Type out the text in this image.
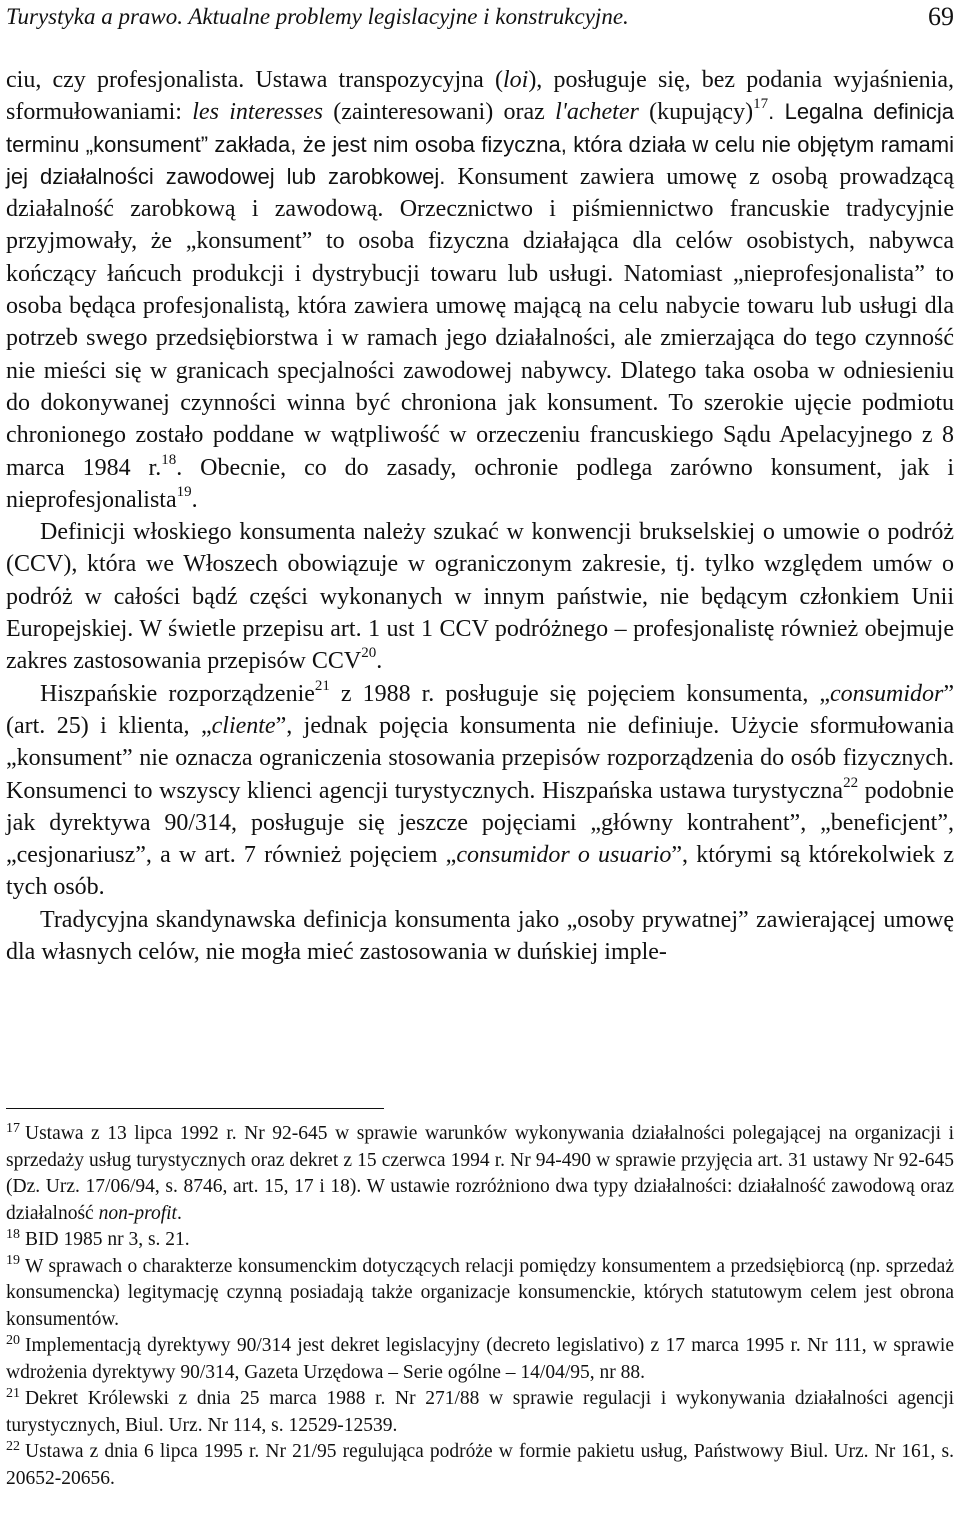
Turystyka a prawo. Aktualne problemy legislacyjne i konstrukcyjne.	69

ciu, czy profesjonalista. Ustawa transpozycyjna (loi), posługuje się, bez podania wyjaśnienia, sformułowaniami: les interesses (zainteresowani) oraz l'acheter (kupujący)$^{17}$. Legalna definicja terminu „konsument” zakłada, że jest nim osoba fizyczna, która działa w celu nie objętym ramami jej działalności zawodowej lub zarobkowej. Konsument zawiera umowę z osobą prowadzącą działalność zarobkową i zawodową. Orzecznictwo i piśmiennictwo francuskie tradycyjnie przyjmowały, że „konsument” to osoba fizyczna działająca dla celów osobistych, nabywca kończący łańcuch produkcji i dystrybucji towaru lub usługi. Natomiast „nieprofesjonalista” to osoba będąca profesjonalistą, która zawiera umowę mającą na celu nabycie towaru lub usługi dla potrzeb swego przedsiębiorstwa i w ramach jego działalności, ale zmierzająca do tego czynność nie mieści się w granicach specjalności zawodowej nabywcy. Dlatego taka osoba w odniesieniu do dokonywanej czynności winna być chroniona jak konsument. To szerokie ujęcie podmiotu chronionego zostało poddane w wątpliwość w orzeczeniu francuskiego Sądu Apelacyjnego z 8 marca 1984 r.$^{18}$. Obecnie, co do zasady, ochronie podlega zarówno konsument, jak i nieprofesjonalista$^{19}$.

Definicji włoskiego konsumenta należy szukać w konwencji brukselskiej o umowie o podróż (CCV), która we Włoszech obowiązuje w ograniczonym zakresie, tj. tylko względem umów o podróż w całości bądź części wykonanych w innym państwie, nie będącym członkiem Unii Europejskiej. W świetle przepisu art. 1 ust 1 CCV podróżnego – profesjonalistę również obejmuje zakres zastosowania przepisów CCV$^{20}$.

Hiszpańskie rozporządzenie$^{21}$ z 1988 r. posługuje się pojęciem konsumenta, „consumidor” (art. 25) i klienta, „cliente”, jednak pojęcia konsumenta nie definiuje. Użycie sformułowania „konsument” nie oznacza ograniczenia stosowania przepisów rozporządzenia do osób fizycznych. Konsumenci to wszyscy klienci agencji turystycznych. Hiszpańska ustawa turystyczna$^{22}$ podobnie jak dyrektywa 90/314, posługuje się jeszcze pojęciami „główny kontrahent”, „beneficjent”, „cesjonariusz”, a w art. 7 również pojęciem „consumidor o usuario”, którymi są którekolwiek z tych osób.

Tradycyjna skandynawska definicja konsumenta jako „osoby prywatnej” zawierającej umowę dla własnych celów, nie mogła mieć zastosowania w duńskiej imple-

$^{17}$ Ustawa z 13 lipca 1992 r. Nr 92-645 w sprawie warunków wykonywania działalności polegającej na organizacji i sprzedaży usług turystycznych oraz dekret z 15 czerwca 1994 r. Nr 94-490 w sprawie przyjęcia art. 31 ustawy Nr 92-645 (Dz. Urz. 17/06/94, s. 8746, art. 15, 17 i 18). W ustawie rozróżniono dwa typy działalności: działalność zawodową oraz działalność non-profit.

$^{18}$ BID 1985 nr 3, s. 21.

$^{19}$ W sprawach o charakterze konsumenckim dotyczących relacji pomiędzy konsumentem a przedsiębiorcą (np. sprzedaż konsumencka) legitymację czynną posiadają także organizacje konsumenckie, których statutowym celem jest obrona konsumentów.

$^{20}$ Implementacją dyrektywy 90/314 jest dekret legislacyjny (decreto legislativo) z 17 marca 1995 r. Nr 111, w sprawie wdrożenia dyrektywy 90/314, Gazeta Urzędowa – Serie ogólne – 14/04/95, nr 88.

$^{21}$ Dekret Królewski z dnia 25 marca 1988 r. Nr 271/88 w sprawie regulacji i wykonywania działalności agencji turystycznych, Biul. Urz. Nr 114, s. 12529-12539.

$^{22}$ Ustawa z dnia 6 lipca 1995 r. Nr 21/95 regulująca podróże w formie pakietu usług, Państwowy Biul. Urz. Nr 161, s. 20652-20656.
